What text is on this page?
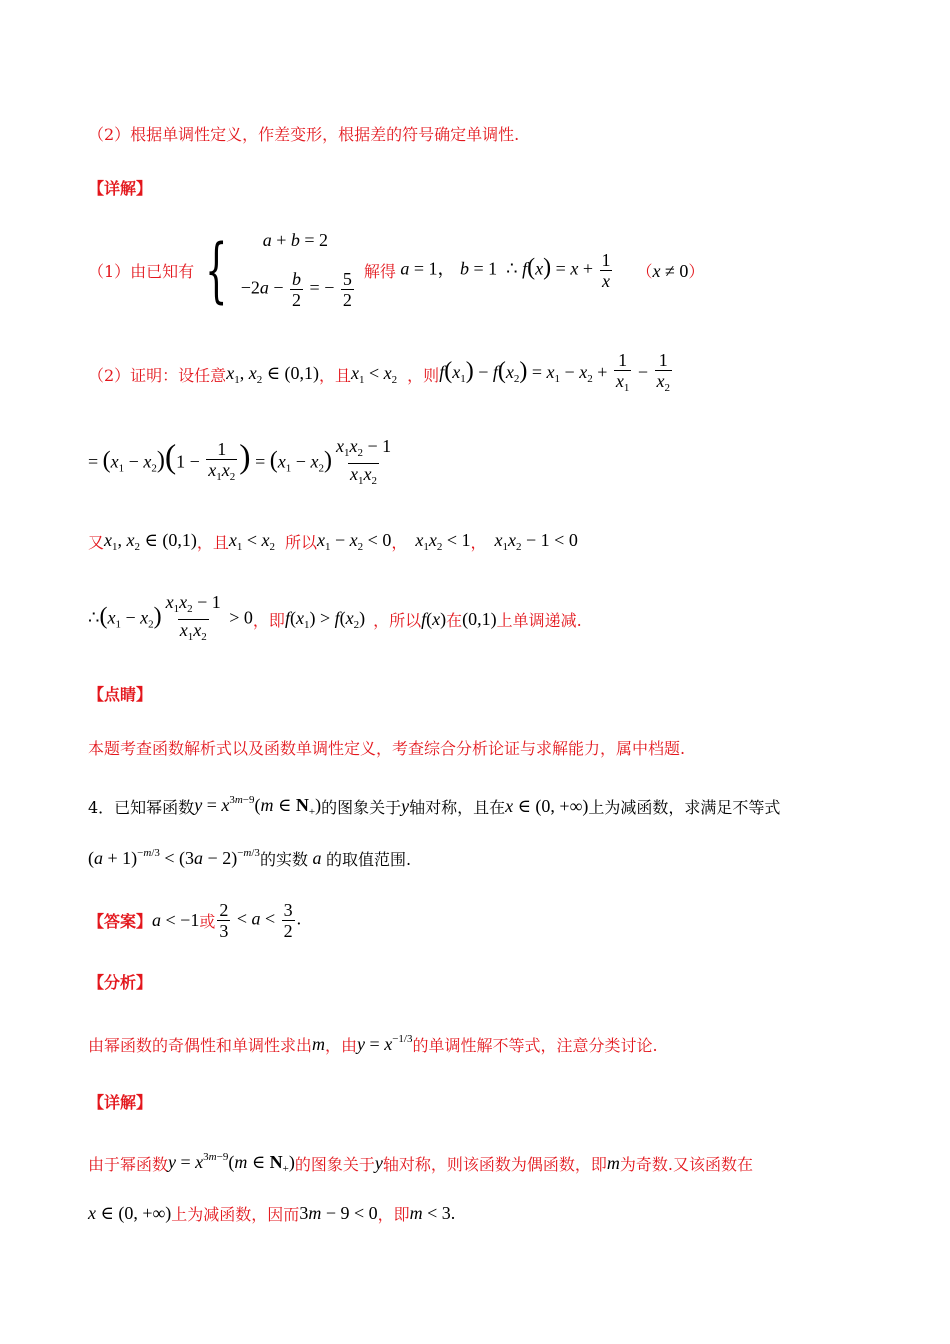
（2）根据单调性定义，作差变形，根据差的符号确定单调性.
【详解】
（1）由已知有 {	a + b = 2
$-2a - \frac{b}{2}$ = − $\frac{5}{2}$ 解得 a = 1， b = 1  ∴ $f(x) = x + \frac{1}{x} (x \ne 0)$
（2）证明：设任意 $x_1$, $x_2$ ∈ (0,1) ，且 $x_1 < x_2$ ，则 $f(x_1) - f(x_2) = x_1 - x_2 + \frac{1}{x_1} - \frac{1}{x_2}$
= $(x_1 - x_2)(1 - \frac{1}{x_1x_2}$ ) = $(x_1 - x_2) \frac{x_1x_2 - 1}{x_1x_2}$
又 $x_1$, $x_2$ ∈ (0,1) ，且 $x_1 < x_2$ 所以 $x_1 - x_2 < 0$ ， $x_1x_2 < 1$ ， $x_1x_2 - 1 < 0$
$\therefore(x_1 - x_2) \frac{x_1x_2 - 1}{x_1x_2} > 0$ ，即 $f(x_1) > f(x_2)$ ，所以 f(x) 在 (0,1) 上单调递减.
【点睛】
本题考查函数解析式以及函数单调性定义，考查综合分析论证与求解能力，属中档题.
4．已知幂函数 $y = x^{3m-9}(m$ ∈ $N_+$) 的图象关于 y 轴对称，且在 x ∈ (0, +∞) 上为减函数，求满足不等式
$(a + 1)^{-m/3} < (3a - 2)^{-m/3}$ 的实数 a 的取值范围.
【答案】 a < −1 或 $\frac{2}{3} < a < \frac{3}{2}$ .
【分析】
由幂函数的奇偶性和单调性求出 m ，由 $y = x^{-1/3}$ 的单调性解不等式，注意分类讨论.
【详解】
由于幂函数 $y = x^{3m-9}(m$ ∈ $N_+$) 的图象关于 y 轴对称，则该函数为偶函数，即 m 为奇数.又该函数在
x ∈ (0, +∞) 上为减函数，因而 3m − 9 < 0 ，即 m < 3.
